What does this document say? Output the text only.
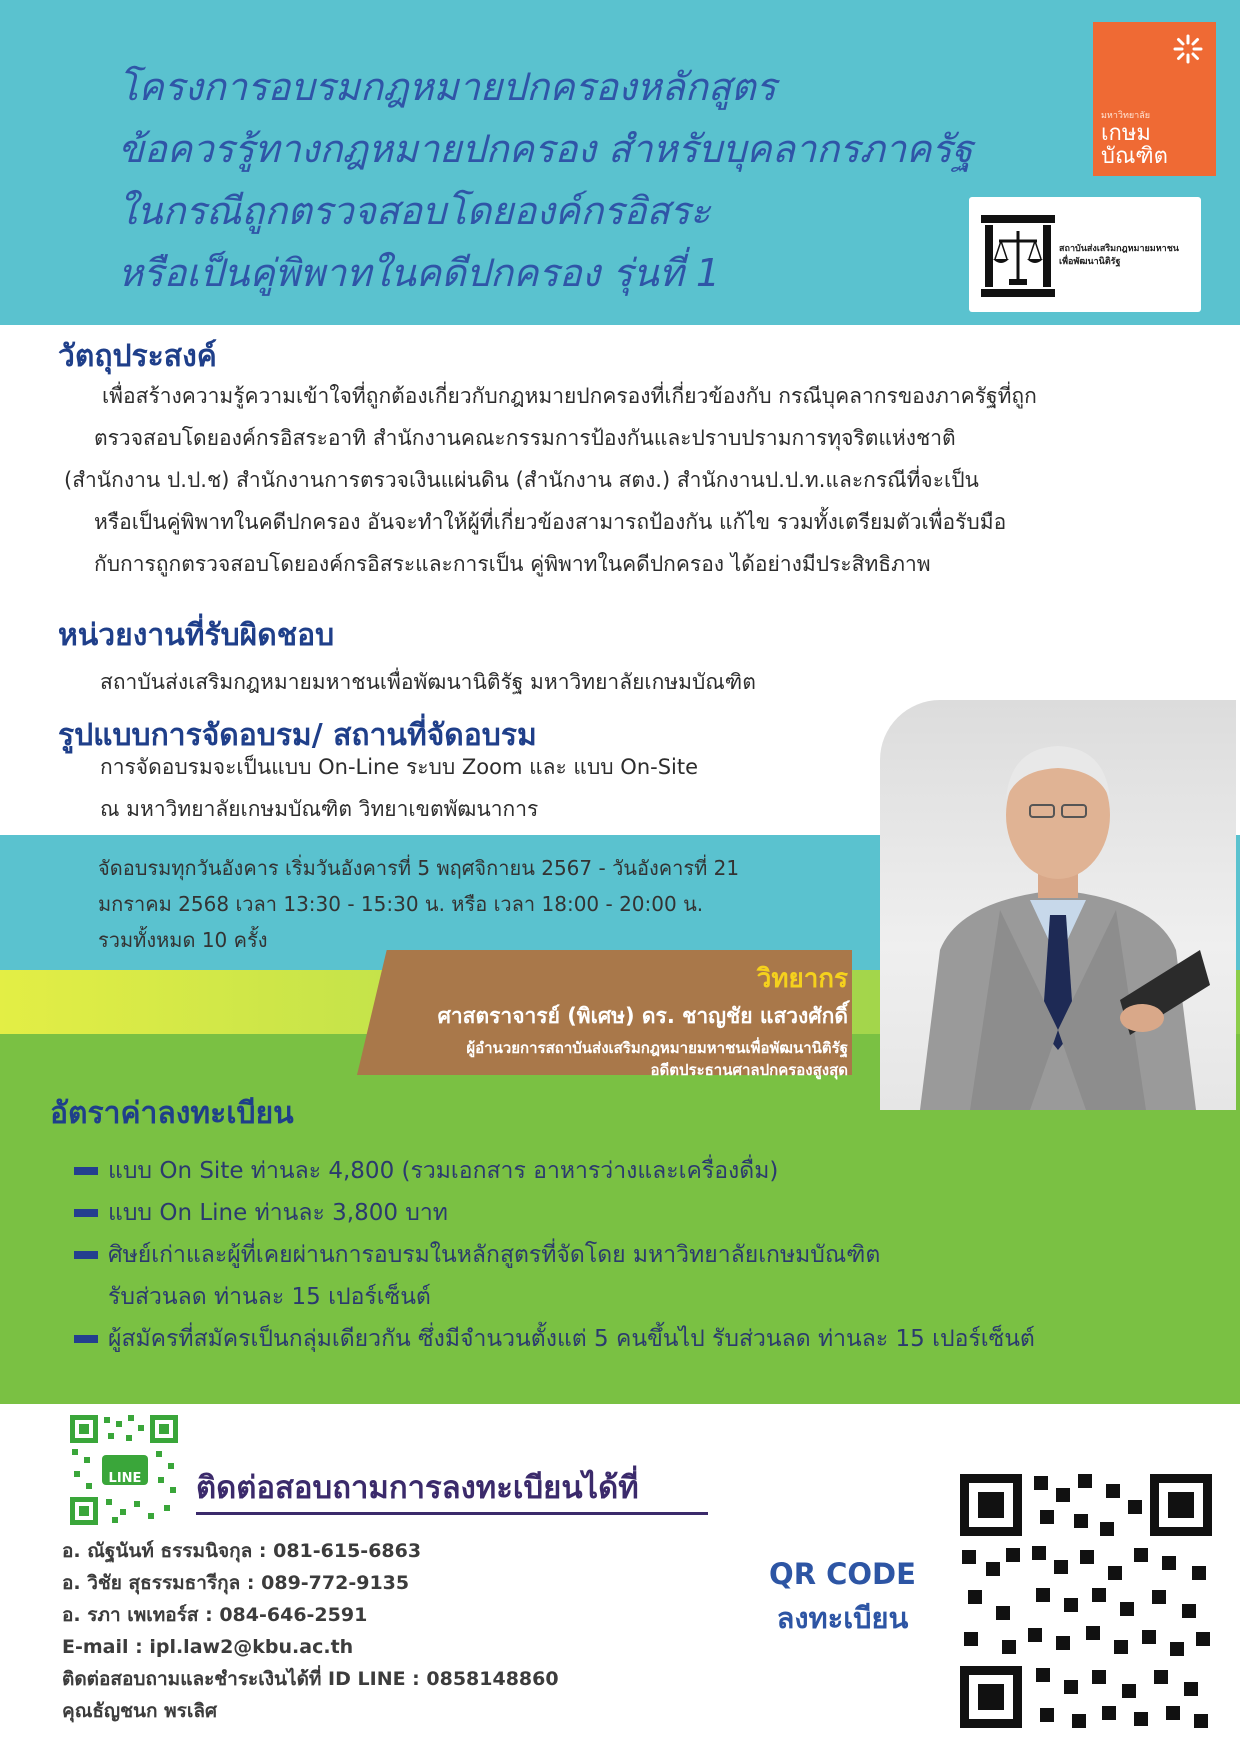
โครงการอบรมกฎหมายปกครองหลักสูตร
ข้อควรรู้ทางกฎหมายปกครอง สำหรับบุคลากรภาครัฐ
ในกรณีถูกตรวจสอบโดยองค์กรอิสระ
หรือเป็นคู่พิพาทในคดีปกครอง รุ่นที่ 1
มหาวิทยาลัย
เกษม
บัณฑิต
สถาบันส่งเสริมกฎหมายมหาชน
เพื่อพัฒนานิติรัฐ
วัตถุประสงค์
เพื่อสร้างความรู้ความเข้าใจที่ถูกต้องเกี่ยวกับกฎหมายปกครองที่เกี่ยวข้องกับ กรณีบุคลากรของภาครัฐที่ถูก
ตรวจสอบโดยองค์กรอิสระอาทิ สำนักงานคณะกรรมการป้องกันและปราบปรามการทุจริตแห่งชาติ
(สำนักงาน ป.ป.ช) สำนักงานการตรวจเงินแผ่นดิน (สำนักงาน สตง.) สำนักงานป.ป.ท.และกรณีที่จะเป็น
หรือเป็นคู่พิพาทในคดีปกครอง อันจะทำให้ผู้ที่เกี่ยวข้องสามารถป้องกัน แก้ไข รวมทั้งเตรียมตัวเพื่อรับมือ
กับการถูกตรวจสอบโดยองค์กรอิสระและการเป็น คู่พิพาทในคดีปกครอง ได้อย่างมีประสิทธิภาพ
หน่วยงานที่รับผิดชอบ
สถาบันส่งเสริมกฎหมายมหาชนเพื่อพัฒนานิติรัฐ มหาวิทยาลัยเกษมบัณฑิต
รูปแบบการจัดอบรม/ สถานที่จัดอบรม
การจัดอบรมจะเป็นแบบ On-Line ระบบ Zoom และ แบบ On-Site
ณ มหาวิทยาลัยเกษมบัณฑิต วิทยาเขตพัฒนาการ
จัดอบรมทุกวันอังคาร เริ่มวันอังคารที่ 5 พฤศจิกายน 2567 - วันอังคารที่ 21
มกราคม 2568 เวลา 13:30 - 15:30 น. หรือ เวลา 18:00 - 20:00 น.
รวมทั้งหมด 10 ครั้ง
วิทยากร
ศาสตราจารย์ (พิเศษ) ดร. ชาญชัย แสวงศักดิ์
ผู้อำนวยการสถาบันส่งเสริมกฎหมายมหาชนเพื่อพัฒนานิติรัฐ
อดีตประธานศาลปกครองสูงสุด
อัตราค่าลงทะเบียน
แบบ On Site ท่านละ 4,800 (รวมเอกสาร อาหารว่างและเครื่องดื่ม)
แบบ On Line ท่านละ 3,800 บาท
ศิษย์เก่าและผู้ที่เคยผ่านการอบรมในหลักสูตรที่จัดโดย มหาวิทยาลัยเกษมบัณฑิต
รับส่วนลด ท่านละ 15 เปอร์เซ็นต์
ผู้สมัครที่สมัครเป็นกลุ่มเดียวกัน ซึ่งมีจำนวนตั้งแต่ 5 คนขึ้นไป รับส่วนลด ท่านละ 15 เปอร์เซ็นต์
LINE ติดต่อสอบถามการลงทะเบียนได้ที่
อ. ณัฐนันท์ ธรรมนิจกุล : 081-615-6863
อ. วิชัย สุธรรมธารีกุล : 089-772-9135
อ. รภา เพเทอร์ส : 084-646-2591
E-mail : ipl.law2@kbu.ac.th
ติดต่อสอบถามและชำระเงินได้ที่ ID LINE : 0858148860
คุณธัญชนก พรเลิศ
QR CODE
ลงทะเบียน
